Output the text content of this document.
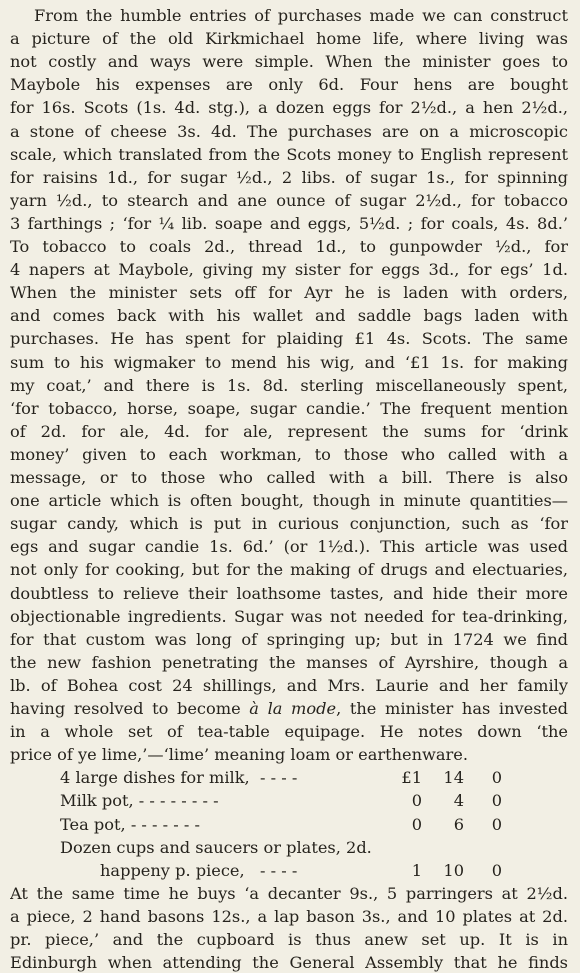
From the humble entries of purchases made we can construct
a picture of the old Kirkmichael home life, where living was
not costly and ways were simple. When the minister goes to
Maybole his expenses are only 6d. Four hens are bought
for 16s. Scots (1s. 4d. stg.), a dozen eggs for 2½d., a hen 2½d.,
a stone of cheese 3s. 4d. The purchases are on a microscopic
scale, which translated from the Scots money to English represent
for raisins 1d., for sugar ½d., 2 libs. of sugar 1s., for spinning
yarn ½d., to stearch and ane ounce of sugar 2½d., for tobacco
3 farthings ; ‘for ¼ lib. soape and eggs, 5½d. ; for coals, 4s. 8d.’
To tobacco to coals 2d., thread 1d., to gunpowder ½d., for
4 napers at Maybole, giving my sister for eggs 3d., for egs’ 1d.
When the minister sets off for Ayr he is laden with orders,
and comes back with his wallet and saddle bags laden with
purchases. He has spent for plaiding £1 4s. Scots. The same
sum to his wigmaker to mend his wig, and ‘£1 1s. for making
my coat,’ and there is 1s. 8d. sterling miscellaneously spent,
‘for tobacco, horse, soape, sugar candie.’ The frequent mention
of 2d. for ale, 4d. for ale, represent the sums for ‘drink
money’ given to each workman, to those who called with a
message, or to those who called with a bill. There is also
one article which is often bought, though in minute quantities—
sugar candy, which is put in curious conjunction, such as ‘for
egs and sugar candie 1s. 6d.’ (or 1½d.). This article was used
not only for cooking, but for the making of drugs and electuaries,
doubtless to relieve their loathsome tastes, and hide their more
objectionable ingredients. Sugar was not needed for tea-drinking,
for that custom was long of springing up; but in 1724 we find
the new fashion penetrating the manses of Ayrshire, though a
lb. of Bohea cost 24 shillings, and Mrs. Laurie and her family
having resolved to become à la mode, the minister has invested
in a whole set of tea-table equipage. He notes down ‘the
price of ye lime,’—‘lime’ meaning loam or earthenware.
4 large dishes for milk, - - - -	£1	14	0
Milk pot, - - - - - - - -	0	4	0
Tea pot, - - - - - - -	0	6	0
Dozen cups and saucers or plates, 2d.
happeny p. piece, - - - -	1	10	0
At the same time he buys ‘a decanter 9s., 5 parringers at 2½d.
a piece, 2 hand basons 12s., a lap bason 3s., and 10 plates at 2d.
pr. piece,’ and the cupboard is thus anew set up. It is in
Edinburgh when attending the General Assembly that he finds
